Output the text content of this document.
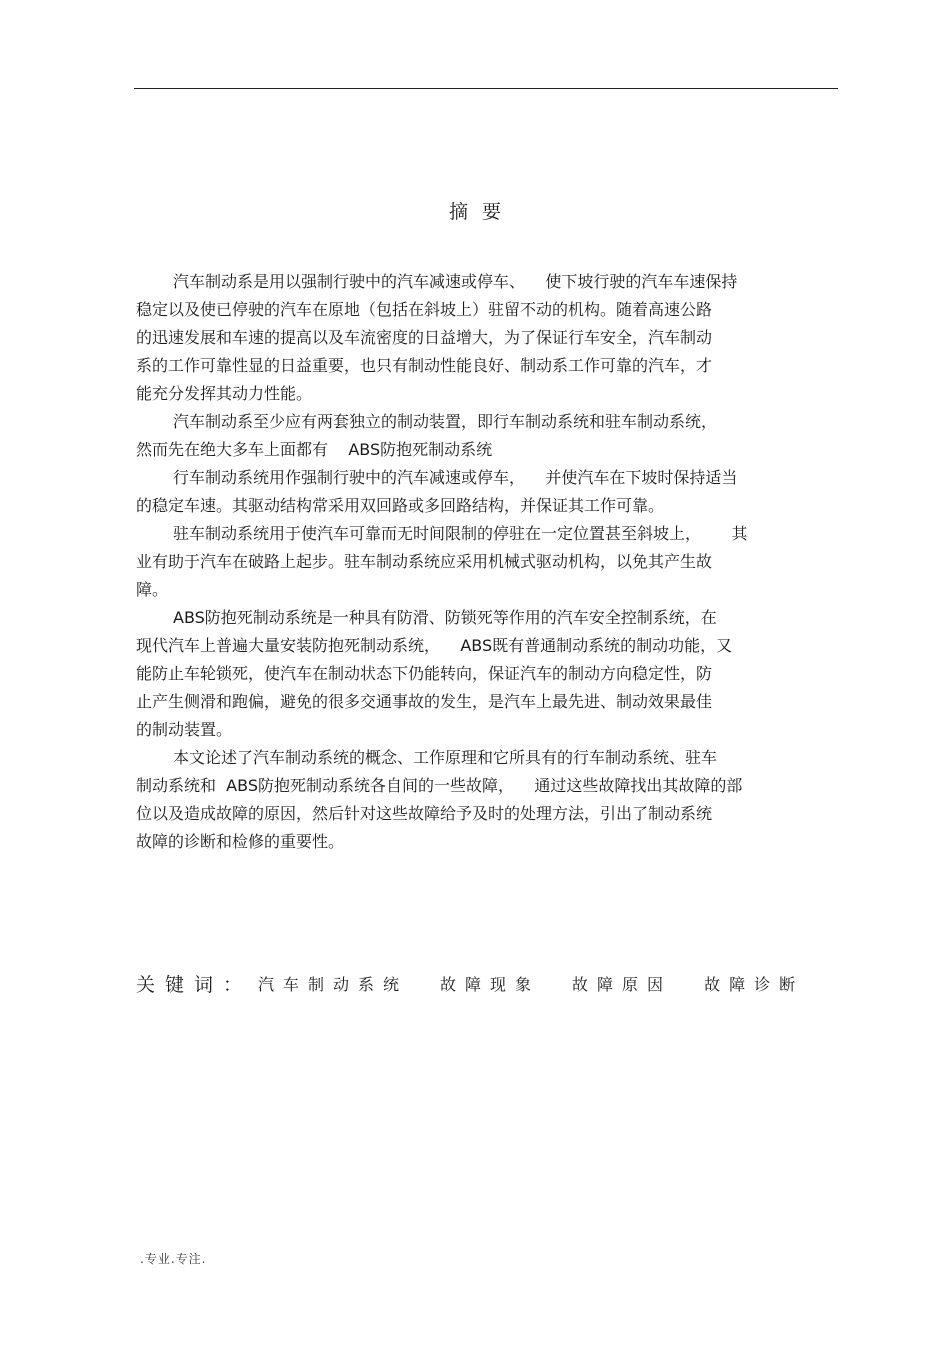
摘要

汽车制动系是用以强制行驶中的汽车减速或停车、    使下坡行驶的汽车车速保持
稳定以及使已停驶的汽车在原地（包括在斜坡上）驻留不动的机构。随着高速公路
的迅速发展和车速的提高以及车流密度的日益增大，为了保证行车安全，汽车制动
系的工作可靠性显的日益重要，也只有制动性能良好、制动系工作可靠的汽车，才
能充分发挥其动力性能。

汽车制动系至少应有两套独立的制动装置，即行车制动系统和驻车制动系统，
然而先在绝大多车上面都有    ABS防抱死制动系统

行车制动系统用作强制行驶中的汽车减速或停车，    并使汽车在下坡时保持适当
的稳定车速。其驱动结构常采用双回路或多回路结构，并保证其工作可靠。

驻车制动系统用于使汽车可靠而无时间限制的停驻在一定位置甚至斜坡上，      其
业有助于汽车在破路上起步。驻车制动系统应采用机械式驱动机构，以免其产生故
障。

ABS防抱死制动系统是一种具有防滑、防锁死等作用的汽车安全控制系统，在
现代汽车上普遍大量安装防抱死制动系统，    ABS既有普通制动系统的制动功能，又
能防止车轮锁死，使汽车在制动状态下仍能转向，保证汽车的制动方向稳定性，防
止产生侧滑和跑偏，避免的很多交通事故的发生，是汽车上最先进、制动效果最佳
的制动装置。

本文论述了汽车制动系统的概念、工作原理和它所具有的行车制动系统、驻车
制动系统和  ABS防抱死制动系统各自间的一些故障，    通过这些故障找出其故障的部
位以及造成故障的原因，然后针对这些故障给予及时的处理方法，引出了制动系统
故障的诊断和检修的重要性。

关键词： 汽车制动系统 故障现象 故障原因 故障诊断
.专业.专注.
